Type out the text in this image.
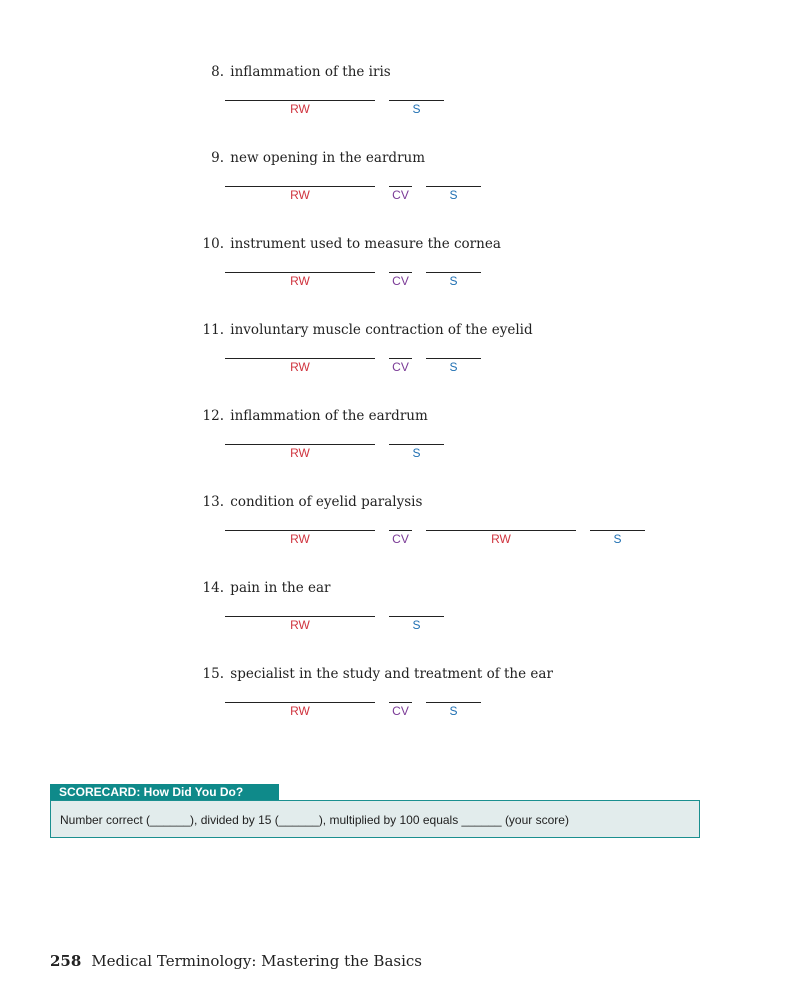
8. inflammation of the iris
RW	S
9. new opening in the eardrum
RW	CV	S
10. instrument used to measure the cornea
RW	CV	S
11. involuntary muscle contraction of the eyelid
RW	CV	S
12. inflammation of the eardrum
RW	S
13. condition of eyelid paralysis
RW	CV	RW	S
14. pain in the ear
RW	S
15. specialist in the study and treatment of the ear
RW	CV	S
SCORECARD: How Did You Do?
Number correct (______), divided by 15 (______), multiplied by 100 equals ______ (your score)
258 Medical Terminology: Mastering the Basics
